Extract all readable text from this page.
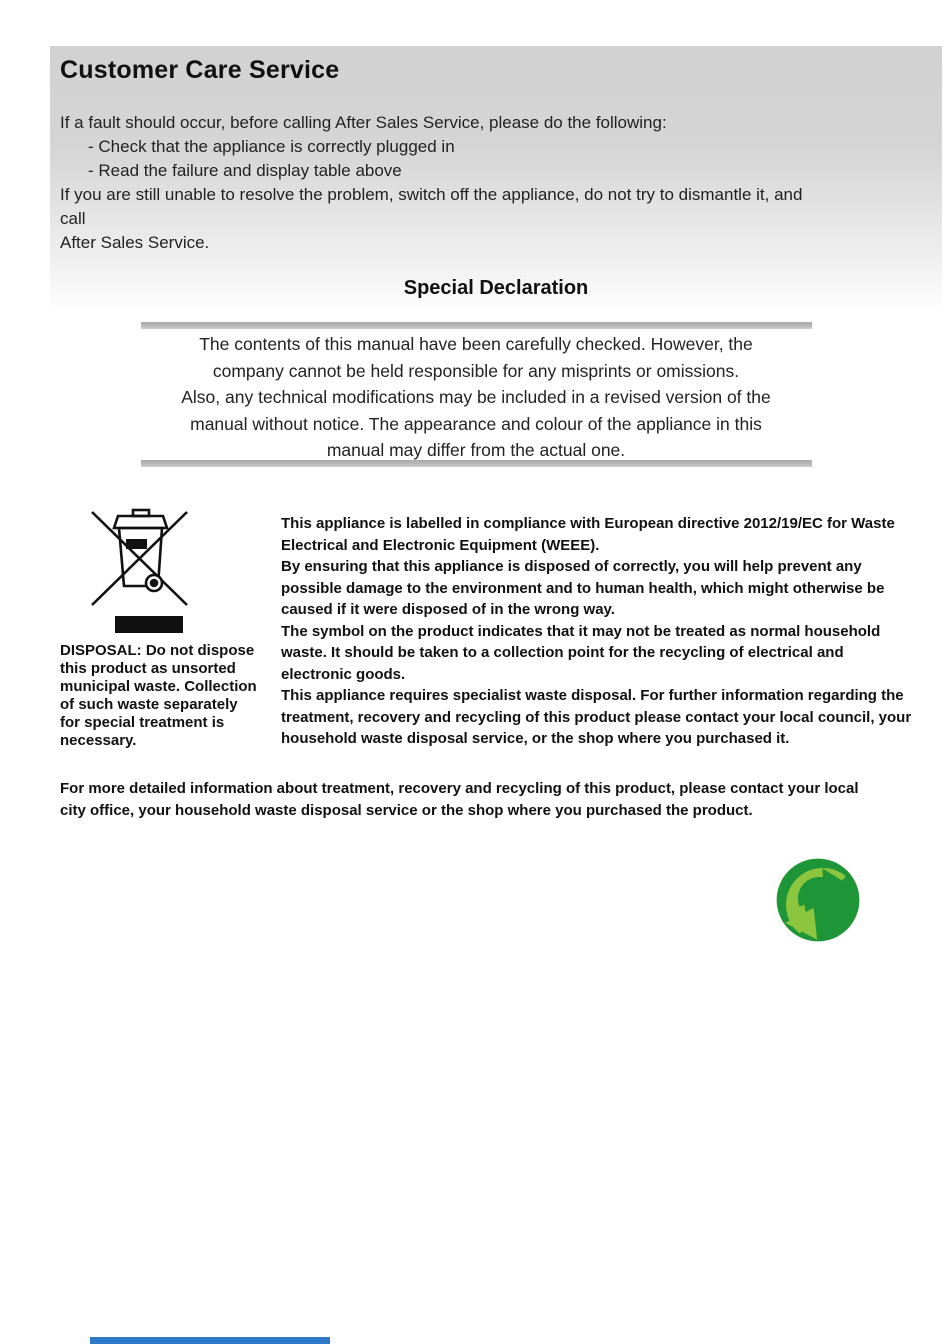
Customer Care Service
If a fault should occur, before calling After Sales Service, please do the following:
- Check that the appliance is correctly plugged in
- Read the failure and display table above
If you are still unable to resolve the problem, switch off the appliance, do not try to dismantle it, and
call
After Sales Service.
Special Declaration
The contents of this manual have been carefully checked. However, the
company cannot be held responsible for any misprints or omissions.
Also, any technical modifications may be included in a revised version of the
manual without notice. The appearance and colour of the appliance in this
manual may differ from the actual one.
DISPOSAL: Do not dispose this product as unsorted municipal waste. Collection of such waste separately for special treatment is necessary.

This appliance is labelled in compliance with European directive 2012/19/EC for Waste Electrical and Electronic Equipment (WEEE).

By ensuring that this appliance is disposed of correctly, you will help prevent any possible damage to the environment and to human health, which might otherwise be caused if it were disposed of in the wrong way.

The symbol on the product indicates that it may not be treated as normal household waste. It should be taken to a collection point for the recycling of electrical and electronic goods.

This appliance requires specialist waste disposal. For further information regarding the treatment, recovery and recycling of this product please contact your local council, your household waste disposal service, or the shop where you purchased it.

For more detailed information about treatment, recovery and recycling of this product, please contact your local
city office, your household waste disposal service or the shop where you purchased the product.
